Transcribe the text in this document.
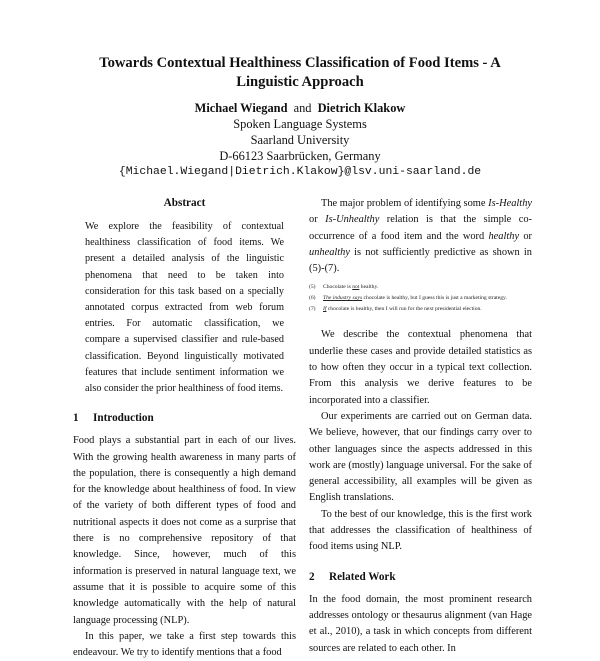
Towards Contextual Healthiness Classification of Food Items - A
Linguistic Approach
Michael Wiegand and Dietrich Klakow
Spoken Language Systems
Saarland University
D-66123 Saarbrücken, Germany
{Michael.Wiegand|Dietrich.Klakow}@lsv.uni-saarland.de
Abstract

We explore the feasibility of contextual healthiness classification of food items. We present a detailed analysis of the linguistic phenomena that need to be taken into consideration for this task based on a specially annotated corpus extracted from web forum entries. For automatic classification, we compare a supervised classifier and rule-based classification. Beyond linguistically motivated features that include sentiment information we also consider the prior healthiness of food items.

1 Introduction

Food plays a substantial part in each of our lives. With the growing health awareness in many parts of the population, there is consequently a high demand for the knowledge about healthiness of food. In view of the variety of both different types of food and nutritional aspects it does not come as a surprise that there is no comprehensive repository of that knowledge. Since, however, much of this information is preserved in natural language text, we assume that it is possible to acquire some of this knowledge automatically with the help of natural language processing (NLP).

In this paper, we take a first step towards this endeavour. We try to identify mentions that a food

The major problem of identifying some Is-Healthy or Is-Unhealthy relation is that the simple co-occurrence of a food item and the word healthy or unhealthy is not sufficiently predictive as shown in (5)-(7).

(5)	Chocolate is not healthy.
(6)	The industry says chocolate is healthy, but I guess this is just a marketing strategy.
(7)	If chocolate is healthy, then I will run for the next presidential election.

We describe the contextual phenomena that underlie these cases and provide detailed statistics as to how often they occur in a typical text collection. From this analysis we derive features to be incorporated into a classifier.

Our experiments are carried out on German data. We believe, however, that our findings carry over to other languages since the aspects addressed in this work are (mostly) language universal. For the sake of general accessibility, all examples will be given as English translations.

To the best of our knowledge, this is the first work that addresses the classification of healthiness of food items using NLP.

2 Related Work

In the food domain, the most prominent research addresses ontology or thesaurus alignment (van Hage et al., 2010), a task in which concepts from different sources are related to each other. In
